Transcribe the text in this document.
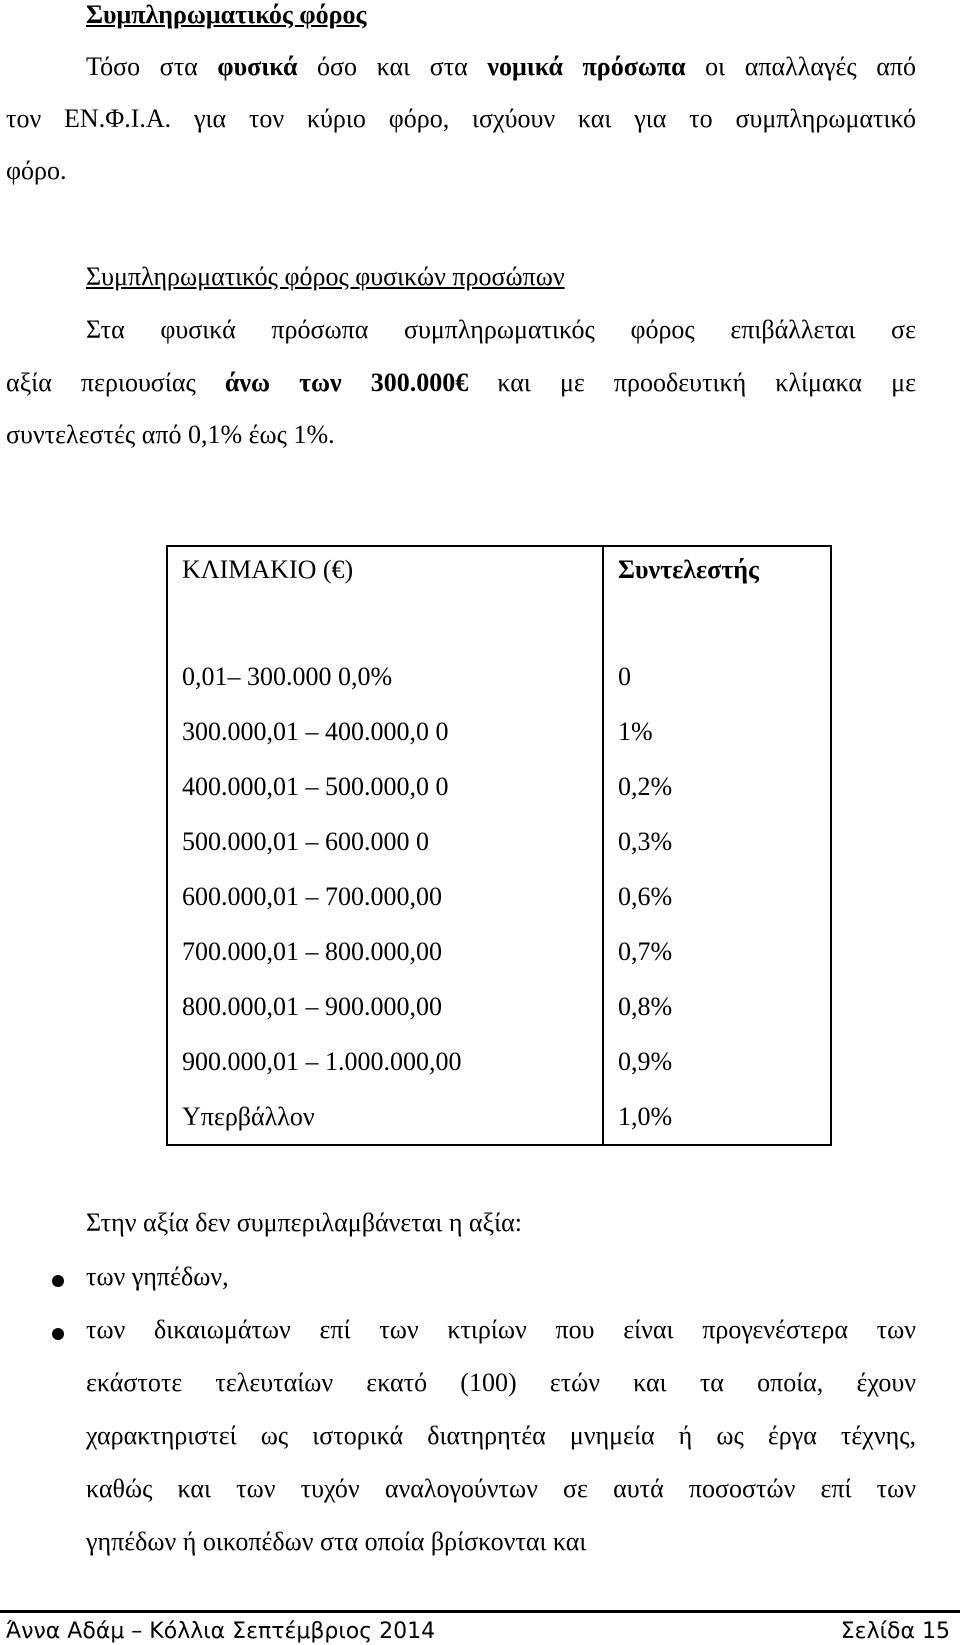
Συμπληρωματικός φόρος
Τόσο στα φυσικά όσο και στα νομικά πρόσωπα οι απαλλαγές από
τον ΕΝ.Φ.Ι.Α. για τον κύριο φόρο, ισχύουν και για το συμπληρωματικό
φόρο.
Συμπληρωματικός φόρος φυσικών προσώπων
Στα φυσικά πρόσωπα συμπληρωματικός φόρος επιβάλλεται σε
αξία περιουσίας άνω των 300.000€ και με προοδευτική κλίμακα με
συντελεστές από 0,1% έως 1%.
ΚΛΙΜΑΚΙΟ (€)	Συντελεστής
0,01– 300.000 0,0%	0
300.000,01 – 400.000,0 0	1%
400.000,01 – 500.000,0 0	0,2%
500.000,01 – 600.000 0	0,3%
600.000,01 – 700.000,00	0,6%
700.000,01 – 800.000,00	0,7%
800.000,01 – 900.000,00	0,8%
900.000,01 – 1.000.000,00	0,9%
Υπερβάλλον	1,0%
Στην αξία δεν συμπεριλαμβάνεται η αξία:
των γηπέδων,
των δικαιωμάτων επί των κτιρίων που είναι προγενέστερα των
εκάστοτε τελευταίων εκατό (100) ετών και τα οποία, έχουν
χαρακτηριστεί ως ιστορικά διατηρητέα μνημεία ή ως έργα τέχνης,
καθώς και των τυχόν αναλογούντων σε αυτά ποσοστών επί των
γηπέδων ή οικοπέδων στα οποία βρίσκονται και
Άννα Αδάμ – Κόλλια Σεπτέμβριος 2014	Σελίδα 15
